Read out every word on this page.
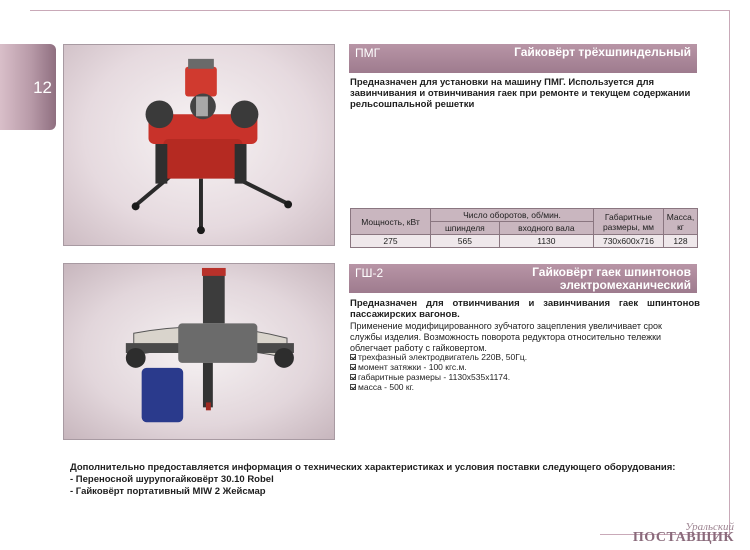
12
ПМГ	Гайковёрт трёхшпиндельный
Предназначен для установки на машину ПМГ. Используется для завинчивания и отвинчивания гаек при ремонте и текущем содержании рельсошпальной решетки
Мощность, кВт	Число оборотов, об/мин.		Габаритные размеры, мм	Масса, кг
	шпинделя	входного вала		
275	565	1130	730x600x716	128
ГШ-2	Гайковёрт гаек шпинтонов электромеханический
Предназначен для отвинчивания и завинчивания гаек шпинтонов пассажирских вагонов.
Применение модифицированного зубчатого зацепления увеличивает срок службы изделия. Возможность поворота редуктора относительно тележки облегчает работу с гайковертом.
трехфазный электродвигатель 220В, 50Гц.
момент затяжки - 100 кгс.м.
габаритные размеры - 1130x535x1174.
масса - 500 кг.
Дополнительно предоставляется информация о технических характеристиках и условия поставки следующего оборудования:
- Переносной шурупогайковёрт 30.10 Robel
- Гайковёрт портативный MIW 2 Жейсмар
Уральский
ПОСТАВЩИК
